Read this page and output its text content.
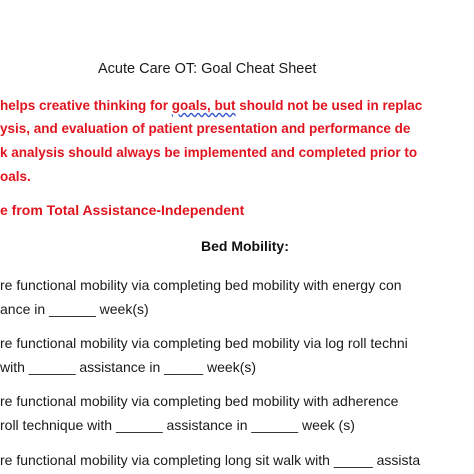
Acute Care OT: Goal Cheat Sheet
helps creative thinking for goals, but should not be used in replac
ysis, and evaluation of patient presentation and performance de
k analysis should always be implemented and completed prior to
oals.
e from Total Assistance-Independent
Bed Mobility:
re functional mobility via completing bed mobility with energy con
ance in ______ week(s)
re functional mobility via completing bed mobility via log roll techni
with ______ assistance in _____ week(s)
re functional mobility via completing bed mobility with adherence
roll technique with ______ assistance in ______ week (s)
re functional mobility via completing long sit walk with _____ assista
